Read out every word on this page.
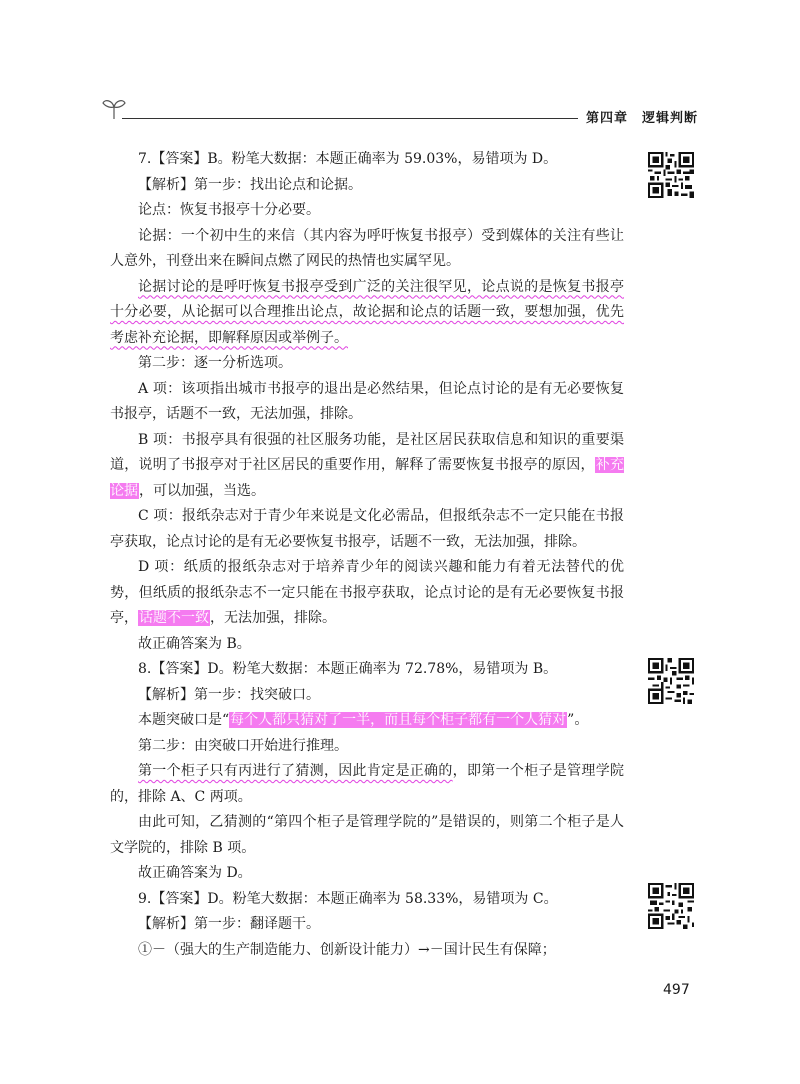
第四章　逻辑判断

7.【答案】B。粉笔大数据：本题正确率为 59.03%，易错项为 D。

【解析】第一步：找出论点和论据。

论点：恢复书报亭十分必要。

论据：一个初中生的来信（其内容为呼吁恢复书报亭）受到媒体的关注有些让人意外，刊登出来在瞬间点燃了网民的热情也实属罕见。

论据讨论的是呼吁恢复书报亭受到广泛的关注很罕见，论点说的是恢复书报亭十分必要，从论据可以合理推出论点，故论据和论点的话题一致，要想加强，优先考虑补充论据，即解释原因或举例子。

第二步：逐一分析选项。

A 项：该项指出城市书报亭的退出是必然结果，但论点讨论的是有无必要恢复书报亭，话题不一致，无法加强，排除。

B 项：书报亭具有很强的社区服务功能，是社区居民获取信息和知识的重要渠道，说明了书报亭对于社区居民的重要作用，解释了需要恢复书报亭的原因，补充论据，可以加强，当选。

C 项：报纸杂志对于青少年来说是文化必需品，但报纸杂志不一定只能在书报亭获取，论点讨论的是有无必要恢复书报亭，话题不一致，无法加强，排除。

D 项：纸质的报纸杂志对于培养青少年的阅读兴趣和能力有着无法替代的优势，但纸质的报纸杂志不一定只能在书报亭获取，论点讨论的是有无必要恢复书报亭，话题不一致，无法加强，排除。

故正确答案为 B。

8.【答案】D。粉笔大数据：本题正确率为 72.78%，易错项为 B。

【解析】第一步：找突破口。

本题突破口是“每个人都只猜对了一半，而且每个柜子都有一个人猜对”。

第二步：由突破口开始进行推理。

第一个柜子只有丙进行了猜测，因此肯定是正确的，即第一个柜子是管理学院的，排除 A、C 两项。

由此可知，乙猜测的“第四个柜子是管理学院的”是错误的，则第二个柜子是人文学院的，排除 B 项。

故正确答案为 D。

9.【答案】D。粉笔大数据：本题正确率为 58.33%，易错项为 C。

【解析】第一步：翻译题干。

①－（强大的生产制造能力、创新设计能力）→－国计民生有保障；

497
